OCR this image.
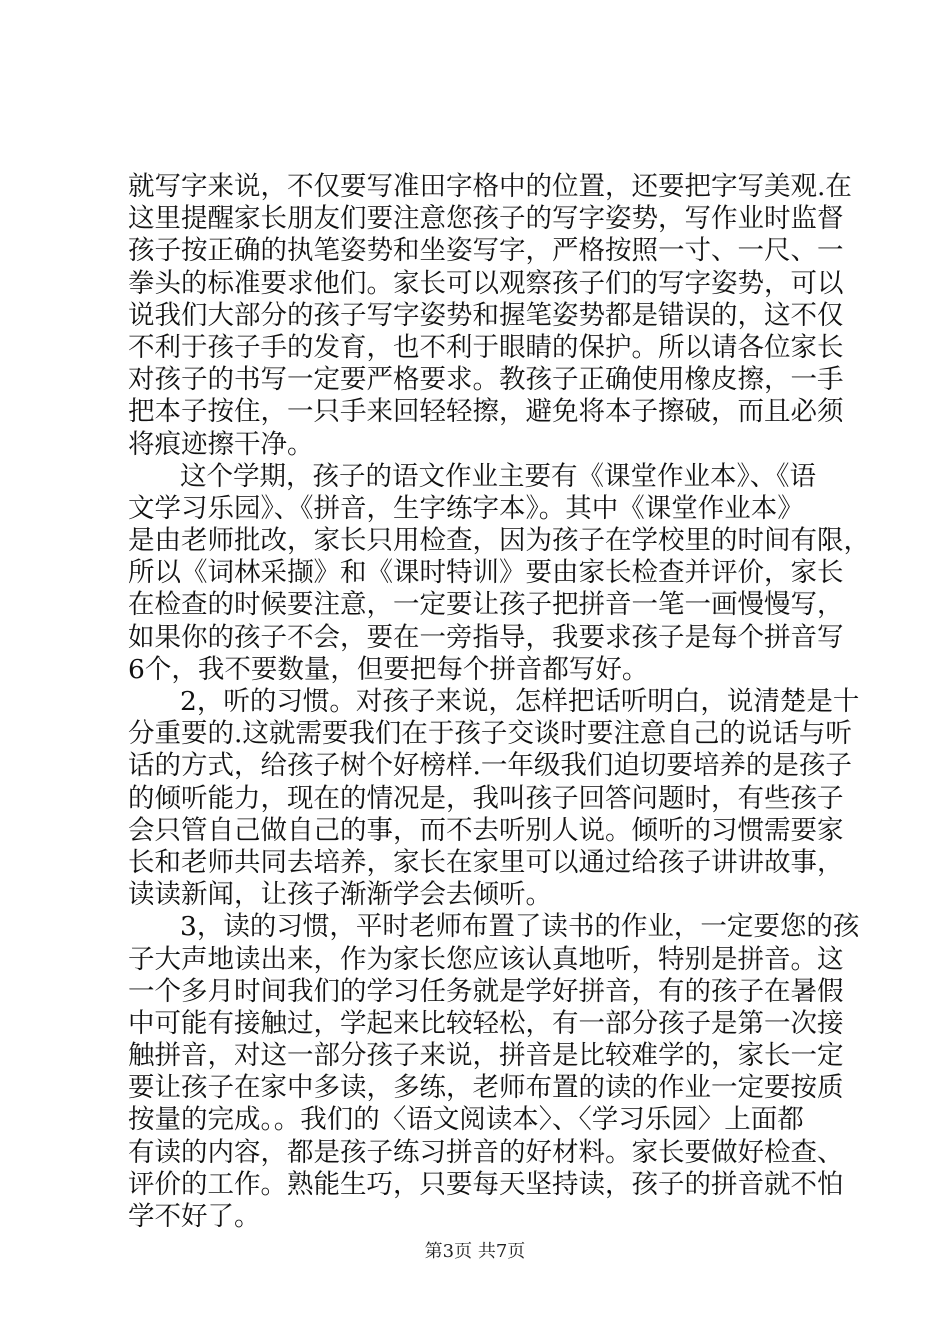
就写字来说，不仅要写准田字格中的位置，还要把字写美观.在
这里提醒家长朋友们要注意您孩子的写字姿势，写作业时监督
孩子按正确的执笔姿势和坐姿写字，严格按照一寸、一尺、一
拳头的标准要求他们。家长可以观察孩子们的写字姿势，可以
说我们大部分的孩子写字姿势和握笔姿势都是错误的，这不仅
不利于孩子手的发育，也不利于眼睛的保护。所以请各位家长
对孩子的书写一定要严格要求。教孩子正确使用橡皮擦，一手
把本子按住，一只手来回轻轻擦，避免将本子擦破，而且必须
将痕迹擦干净。
这个学期，孩子的语文作业主要有《课堂作业本》、《语
文学习乐园》、《拼音，生字练字本》。其中《课堂作业本》
是由老师批改，家长只用检查，因为孩子在学校里的时间有限，
所以《词林采撷》和《课时特训》要由家长检查并评价，家长
在检查的时候要注意，一定要让孩子把拼音一笔一画慢慢写，
如果你的孩子不会，要在一旁指导，我要求孩子是每个拼音写
6个，我不要数量，但要把每个拼音都写好。
2，听的习惯。对孩子来说，怎样把话听明白，说清楚是十
分重要的.这就需要我们在于孩子交谈时要注意自己的说话与听
话的方式，给孩子树个好榜样.一年级我们迫切要培养的是孩子
的倾听能力，现在的情况是，我叫孩子回答问题时，有些孩子
会只管自己做自己的事，而不去听别人说。倾听的习惯需要家
长和老师共同去培养，家长在家里可以通过给孩子讲讲故事，
读读新闻，让孩子渐渐学会去倾听。
3，读的习惯，平时老师布置了读书的作业，一定要您的孩
子大声地读出来，作为家长您应该认真地听，特别是拼音。这
一个多月时间我们的学习任务就是学好拼音，有的孩子在暑假
中可能有接触过，学起来比较轻松，有一部分孩子是第一次接
触拼音，对这一部分孩子来说，拼音是比较难学的，家长一定
要让孩子在家中多读，多练，老师布置的读的作业一定要按质
按量的完成。。我们的〈语文阅读本〉、〈学习乐园〉上面都
有读的内容，都是孩子练习拼音的好材料。家长要做好检查、
评价的工作。熟能生巧，只要每天坚持读，孩子的拼音就不怕
学不好了。
第3页 共7页
